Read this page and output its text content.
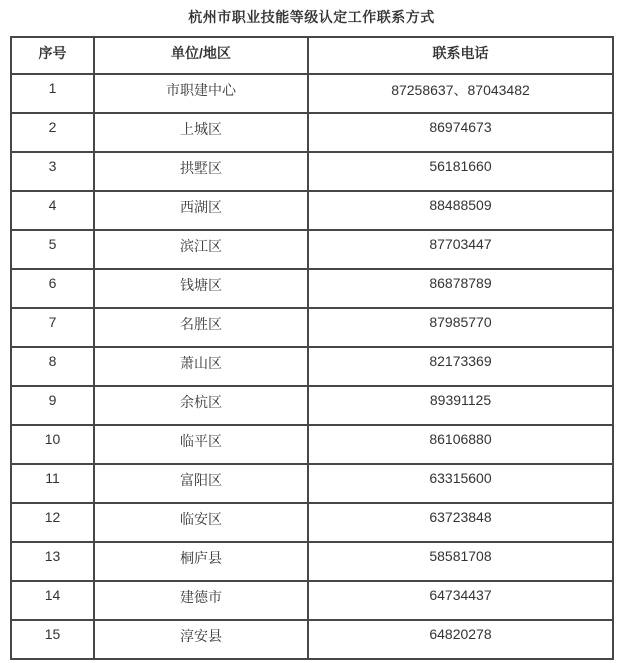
杭州市职业技能等级认定工作联系方式
序号	单位/地区	联系电话
1	市职建中心	87258637、87043482
2	上城区	86974673
3	拱墅区	56181660
4	西湖区	88488509
5	滨江区	87703447
6	钱塘区	86878789
7	名胜区	87985770
8	萧山区	82173369
9	余杭区	89391125
10	临平区	86106880
11	富阳区	63315600
12	临安区	63723848
13	桐庐县	58581708
14	建德市	64734437
15	淳安县	64820278
